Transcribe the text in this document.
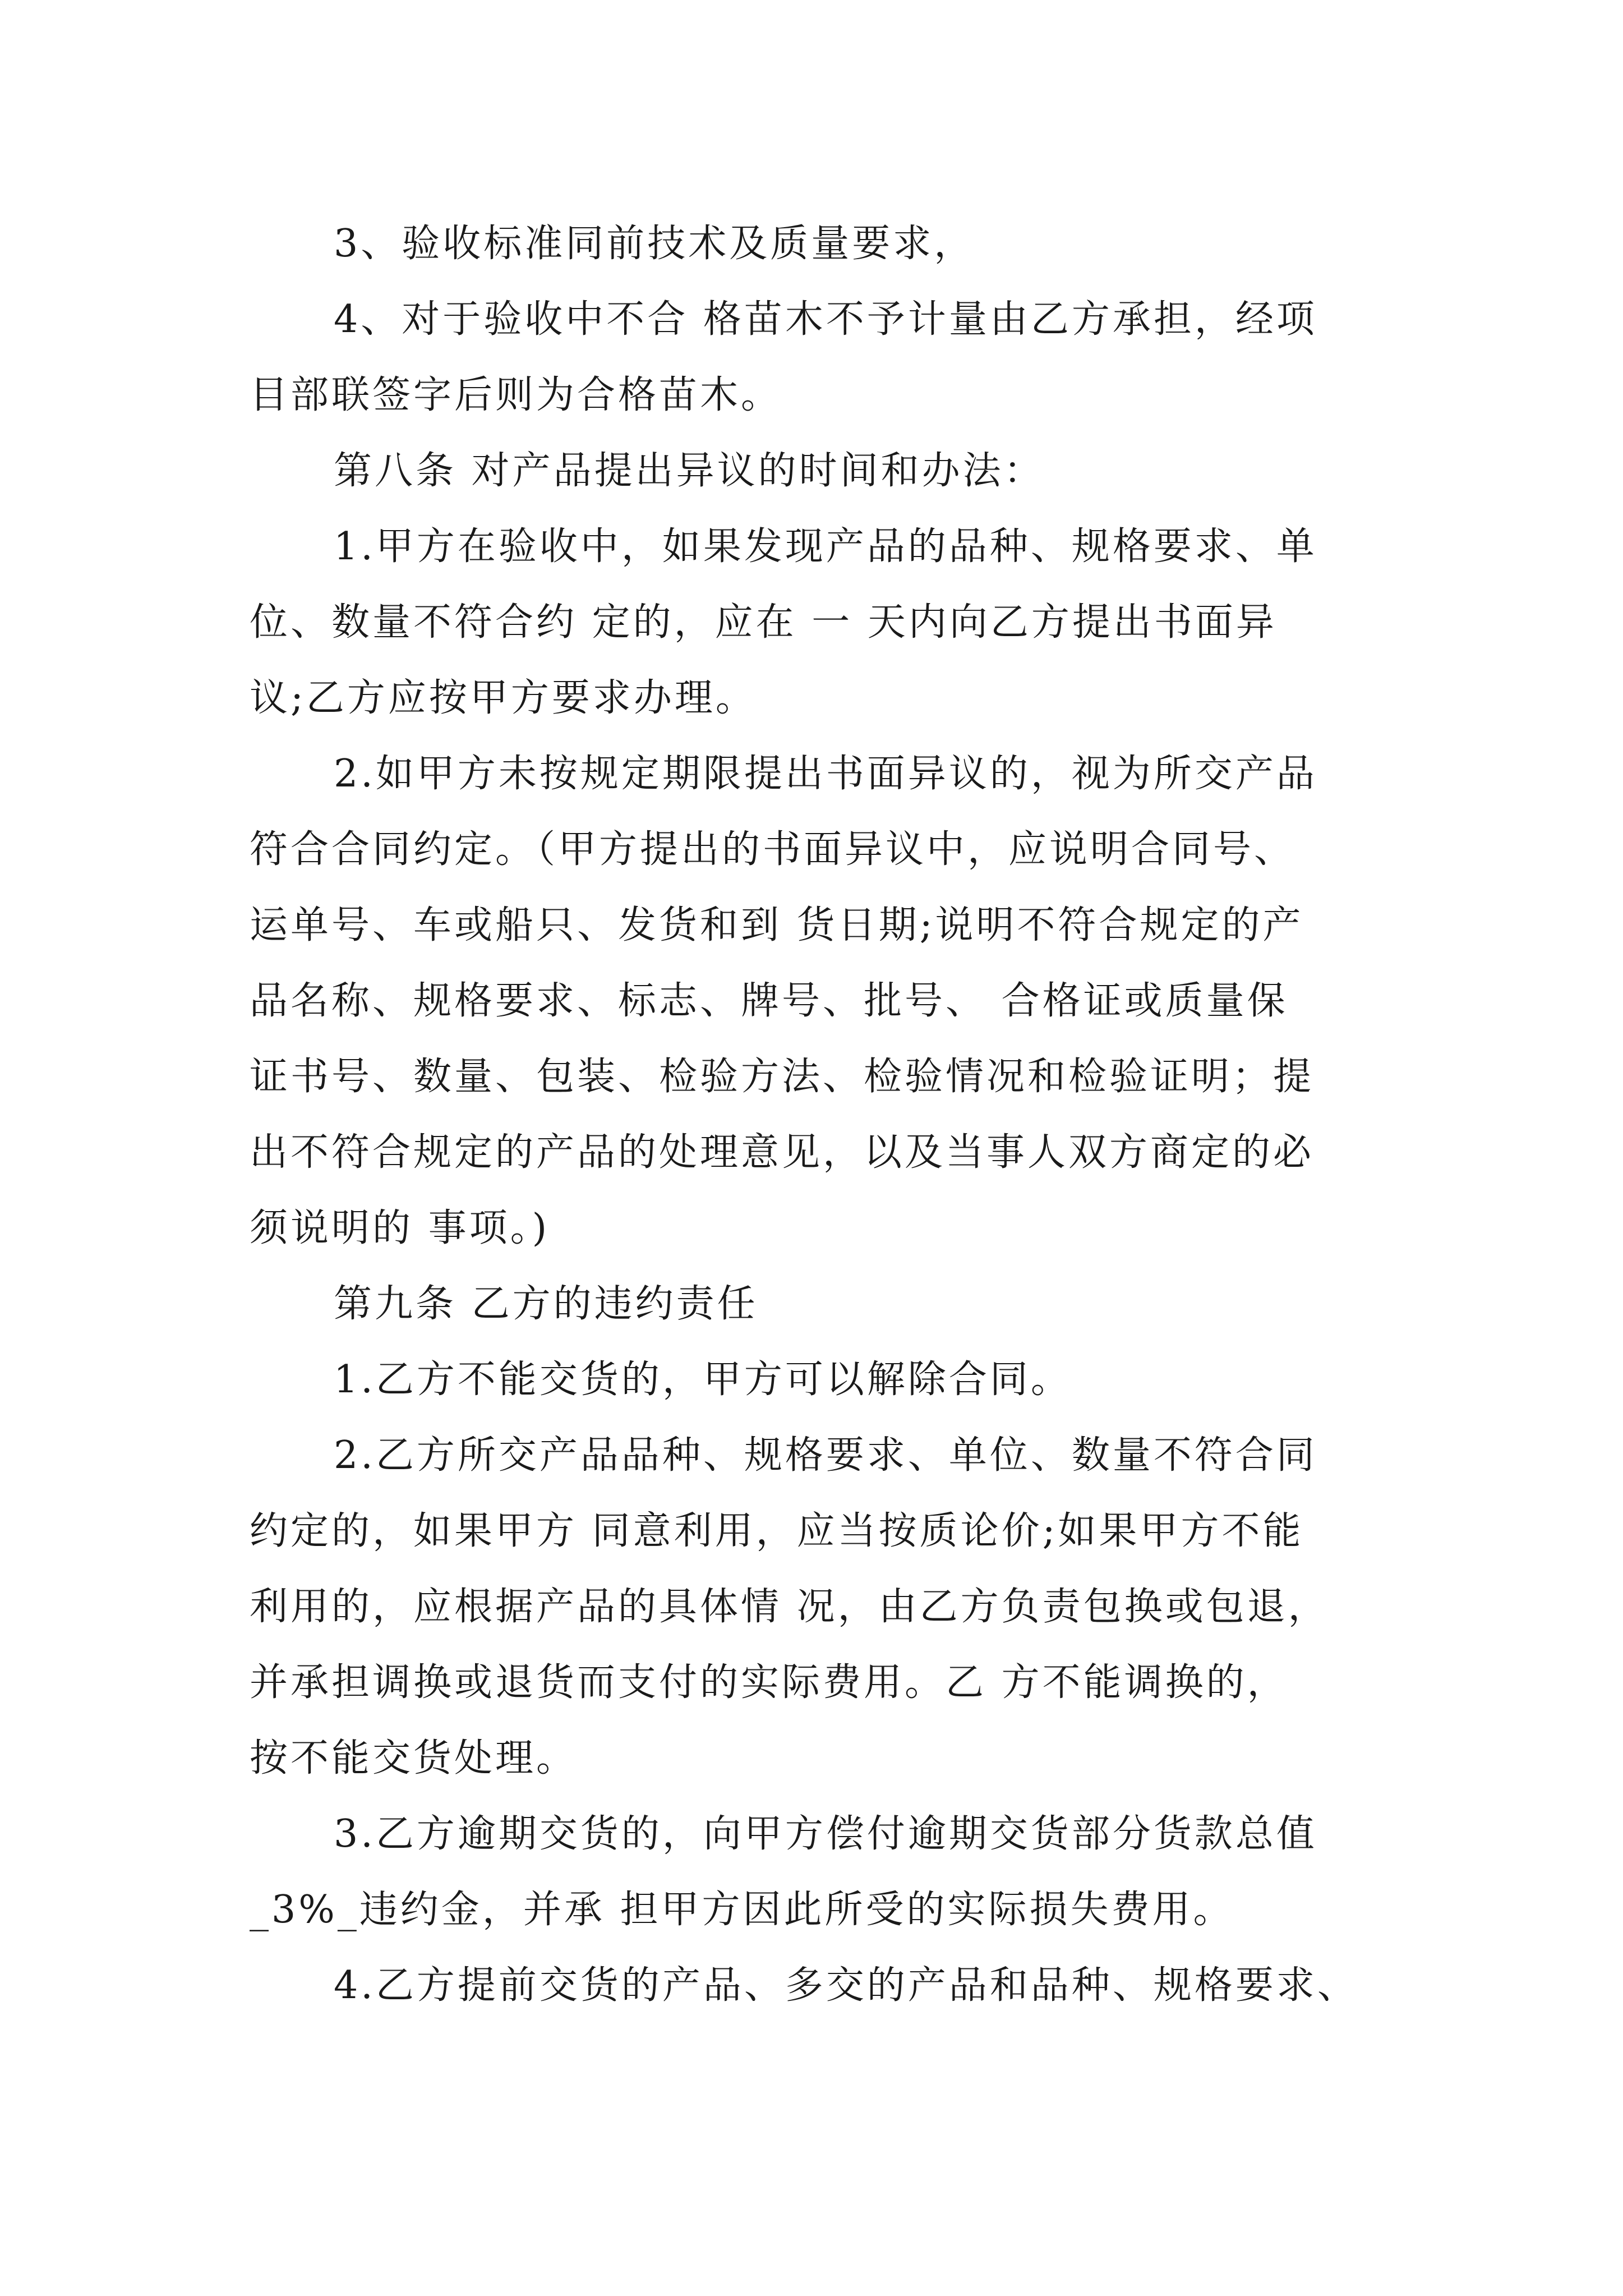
3、验收标准同前技术及质量要求，
4、对于验收中不合 格苗木不予计量由乙方承担，经项
目部联签字后则为合格苗木。
第八条 对产品提出异议的时间和办法：
1.甲方在验收中，如果发现产品的品种、规格要求、单
位、数量不符合约 定的，应在 一 天内向乙方提出书面异
议;乙方应按甲方要求办理。
2.如甲方未按规定期限提出书面异议的，视为所交产品
符合合同约定。（甲方提出的书面异议中，应说明合同号、
运单号、车或船只、发货和到 货日期;说明不符合规定的产
品名称、规格要求、标志、牌号、批号、 合格证或质量保
证书号、数量、包装、检验方法、检验情况和检验证明；提
出不符合规定的产品的处理意见，以及当事人双方商定的必
须说明的 事项。)
第九条 乙方的违约责任
1.乙方不能交货的，甲方可以解除合同。
2.乙方所交产品品种、规格要求、单位、数量不符合同
约定的，如果甲方 同意利用，应当按质论价;如果甲方不能
利用的，应根据产品的具体情 况，由乙方负责包换或包退，
并承担调换或退货而支付的实际费用。乙 方不能调换的，
按不能交货处理。
3.乙方逾期交货的，向甲方偿付逾期交货部分货款总值
_3%_违约金，并承 担甲方因此所受的实际损失费用。
4.乙方提前交货的产品、多交的产品和品种、规格要求、
